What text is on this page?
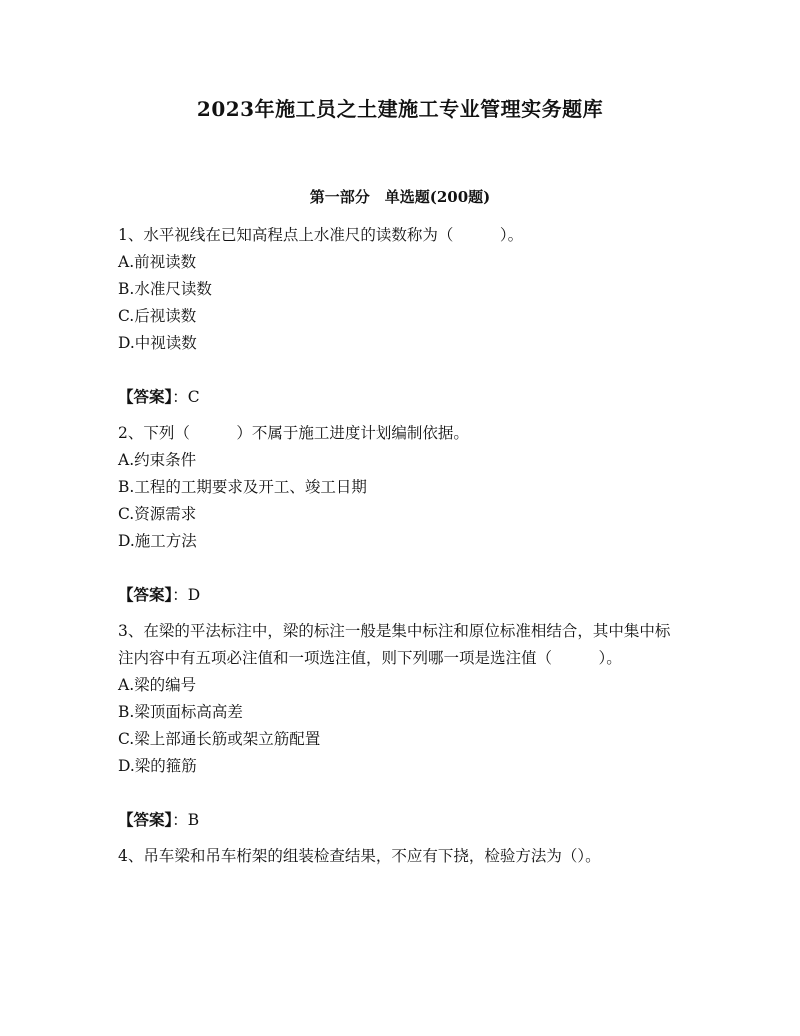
2023年施工员之土建施工专业管理实务题库
第一部分　单选题(200题)

1、水平视线在已知高程点上水准尺的读数称为（　　　）。

A.前视读数

B.水准尺读数

C.后视读数

D.中视读数

【答案】：C

2、下列（　　　）不属于施工进度计划编制依据。

A.约束条件

B.工程的工期要求及开工、竣工日期

C.资源需求

D.施工方法

【答案】：D

3、在梁的平法标注中，梁的标注一般是集中标注和原位标准相结合，其中集中标注内容中有五项必注值和一项选注值，则下列哪一项是选注值（　　　）。

A.梁的编号

B.梁顶面标高高差

C.梁上部通长筋或架立筋配置

D.梁的箍筋

【答案】：B

4、吊车梁和吊车桁架的组装检查结果，不应有下挠，检验方法为（）。
